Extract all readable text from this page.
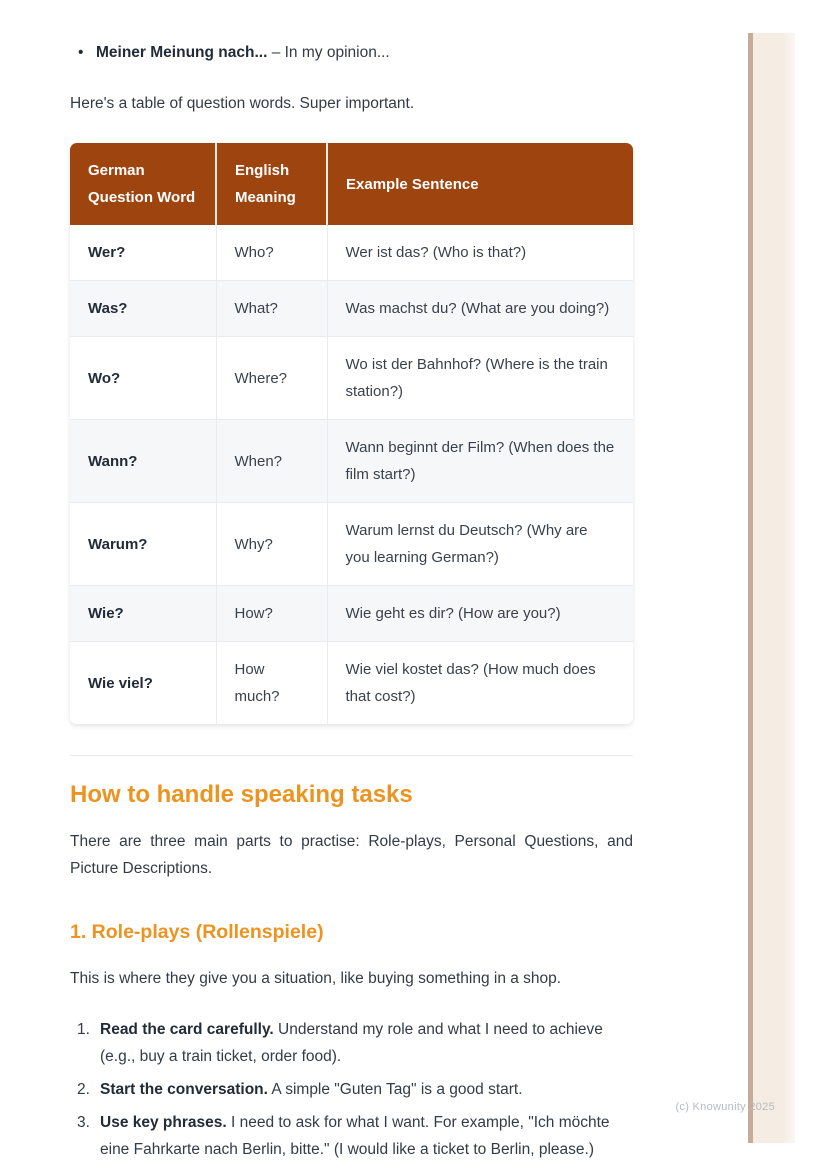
• Meiner Meinung nach... – In my opinion...

Here's a table of question words. Super important.

German Question Word	English Meaning	Example Sentence
Wer?	Who?	Wer ist das? (Who is that?)
Was?	What?	Was machst du? (What are you doing?)
Wo?	Where?	Wo ist der Bahnhof? (Where is the train station?)
Wann?	When?	Wann beginnt der Film? (When does the film start?)
Warum?	Why?	Warum lernst du Deutsch? (Why are you learning German?)
Wie?	How?	Wie geht es dir? (How are you?)
Wie viel?	How much?	Wie viel kostet das? (How much does that cost?)
How to handle speaking tasks

There are three main parts to practise: Role-plays, Personal Questions, and Picture Descriptions.

1. Role-plays (Rollenspiele)

This is where they give you a situation, like buying something in a shop.

Read the card carefully. Understand my role and what I need to achieve (e.g., buy a train ticket, order food).
Start the conversation. A simple "Guten Tag" is a good start.
Use key phrases. I need to ask for what I want. For example, "Ich möchte eine Fahrkarte nach Berlin, bitte." (I would like a ticket to Berlin, please.)
(c) Knowunity 2025
